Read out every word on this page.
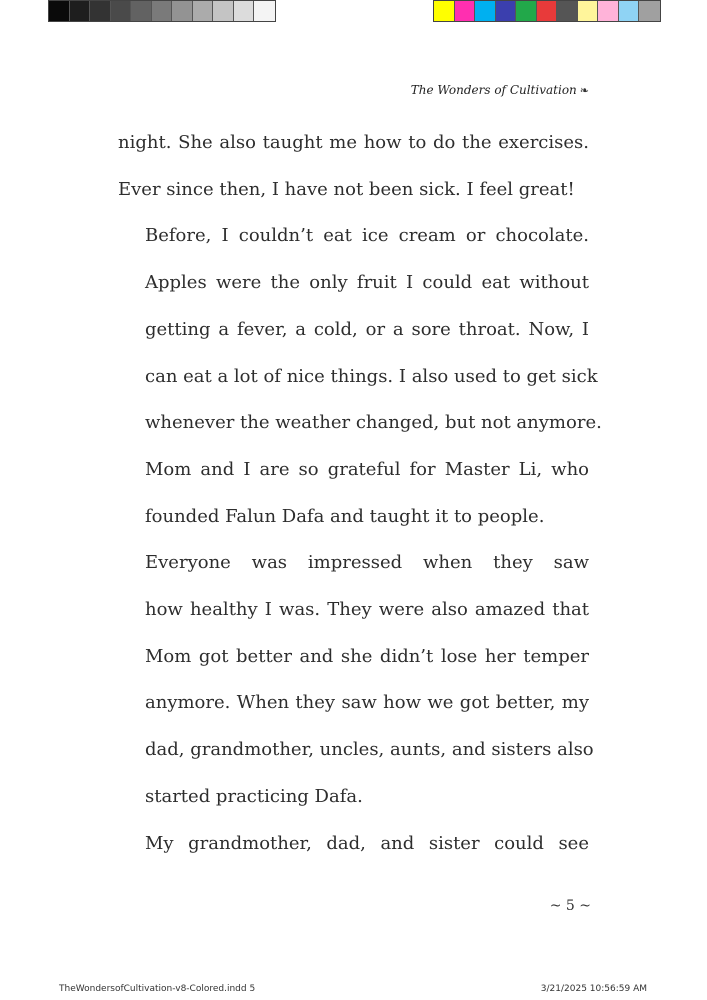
The Wonders of Cultivation ❧

night. She also taught me how to do the exercises.
Ever since then, I have not been sick. I feel great!

Before, I couldn’t eat ice cream or chocolate.
Apples were the only fruit I could eat without
getting a fever, a cold, or a sore throat. Now, I
can eat a lot of nice things. I also used to get sick
whenever the weather changed, but not anymore.
Mom and I are so grateful for Master Li, who
founded Falun Dafa and taught it to people.

Everyone was impressed when they saw
how healthy I was. They were also amazed that
Mom got better and she didn’t lose her temper
anymore. When they saw how we got better, my
dad, grandmother, uncles, aunts, and sisters also
started practicing Dafa.

My grandmother, dad, and sister could see

~ 5 ~
TheWondersofCultivation-v8-Colored.indd 5	3/21/2025 10:56:59 AM
